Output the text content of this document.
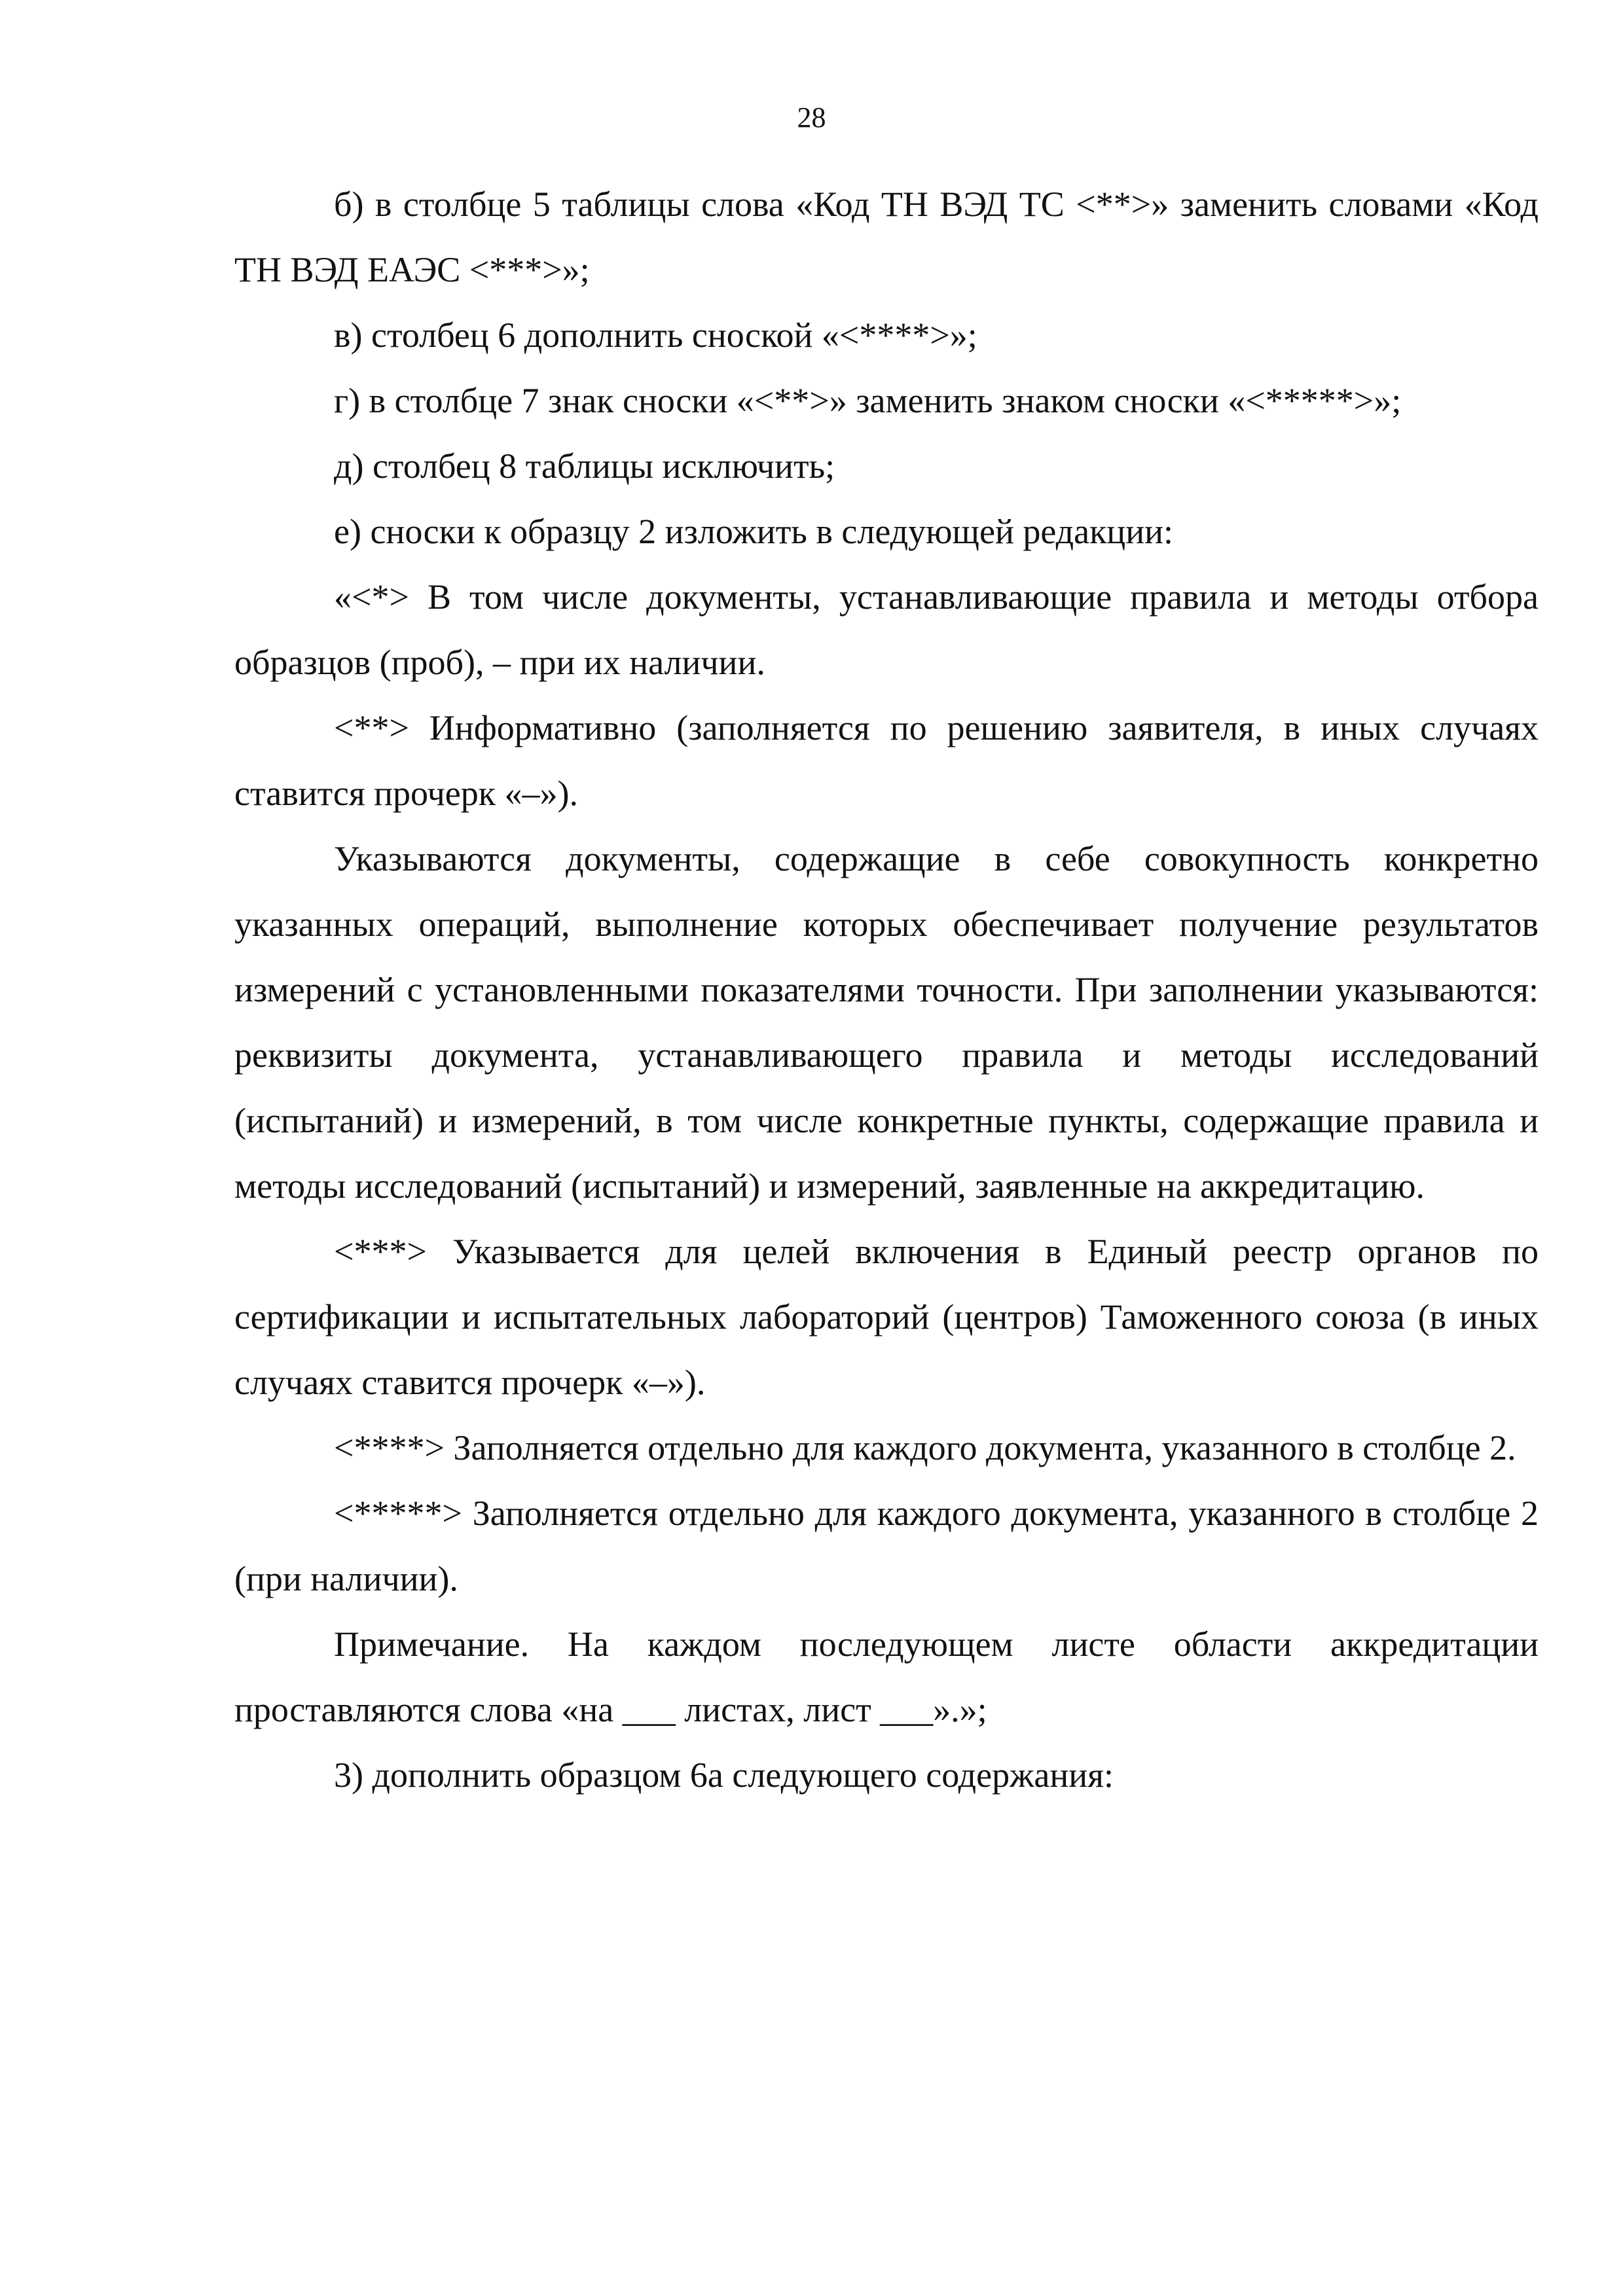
28

б) в столбце 5 таблицы слова «Код ТН ВЭД ТС <**>» заменить словами «Код ТН ВЭД ЕАЭС <***>»;

в) столбец 6 дополнить сноской «<****>»;

г) в столбце 7 знак сноски «<**>» заменить знаком сноски «<*****>»;

д) столбец 8 таблицы исключить;

е) сноски к образцу 2 изложить в следующей редакции:

«<*> В том числе документы, устанавливающие правила и методы отбора образцов (проб), – при их наличии.

<**> Информативно (заполняется по решению заявителя, в иных случаях ставится прочерк «–»).

Указываются документы, содержащие в себе совокупность конкретно указанных операций, выполнение которых обеспечивает получение результатов измерений с установленными показателями точности. При заполнении указываются: реквизиты документа, устанавливающего правила и методы исследований (испытаний) и измерений, в том числе конкретные пункты, содержащие правила и методы исследований (испытаний) и измерений, заявленные на аккредитацию.

<***> Указывается для целей включения в Единый реестр органов по сертификации и испытательных лабораторий (центров) Таможенного союза (в иных случаях ставится прочерк «–»).

<****> Заполняется отдельно для каждого документа, указанного в столбце 2.

<*****> Заполняется отдельно для каждого документа, указанного в столбце 2 (при наличии).

Примечание. На каждом последующем листе области аккредитации проставляются слова «на ___ листах, лист ___».»;

3) дополнить образцом 6а следующего содержания:
